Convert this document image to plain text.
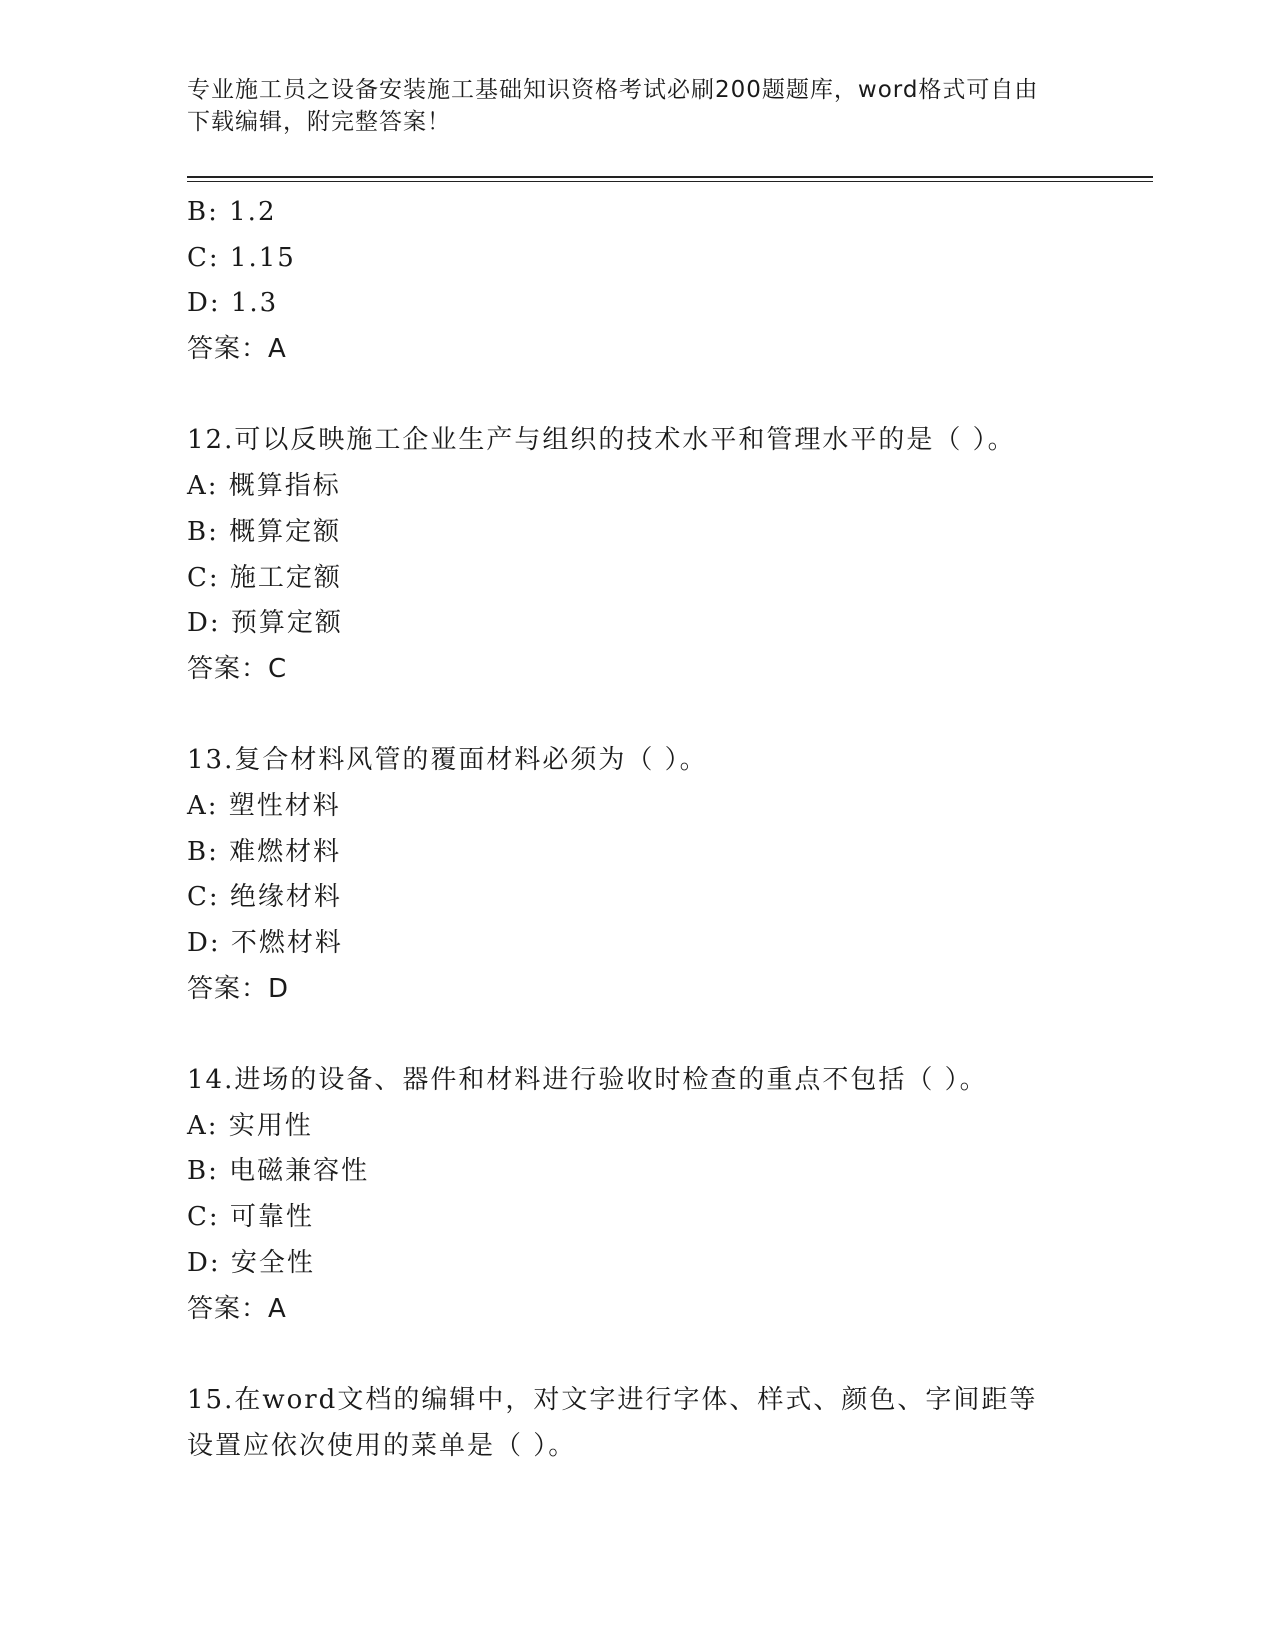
专业施工员之设备安装施工基础知识资格考试必刷200题题库，word格式可自由
下载编辑，附完整答案！
B: 1.2
C: 1.15
D: 1.3
答案：A
12.可以反映施工企业生产与组织的技术水平和管理水平的是（ ）。
A: 概算指标
B: 概算定额
C: 施工定额
D: 预算定额
答案：C
13.复合材料风管的覆面材料必须为（ ）。
A: 塑性材料
B: 难燃材料
C: 绝缘材料
D: 不燃材料
答案：D
14.进场的设备、器件和材料进行验收时检查的重点不包括（ ）。
A: 实用性
B: 电磁兼容性
C: 可靠性
D: 安全性
答案：A
15.在word文档的编辑中，对文字进行字体、样式、颜色、字间距等
设置应依次使用的菜单是（ ）。
